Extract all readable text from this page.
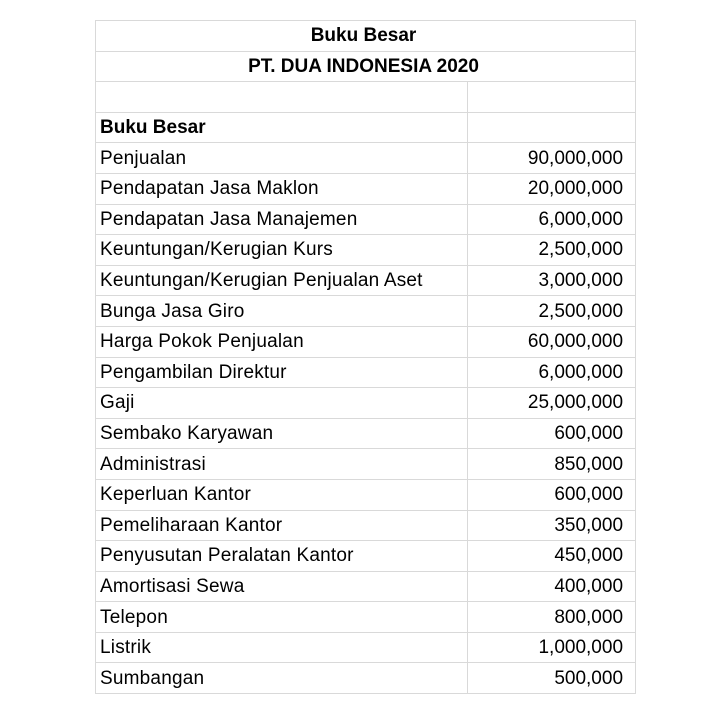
Buku Besar	
PT. DUA INDONESIA 2020	

Buku Besar	
Penjualan	90,000,000
Pendapatan Jasa Maklon	20,000,000
Pendapatan Jasa Manajemen	6,000,000
Keuntungan/Kerugian Kurs	2,500,000
Keuntungan/Kerugian Penjualan Aset	3,000,000
Bunga Jasa Giro	2,500,000
Harga Pokok Penjualan	60,000,000
Pengambilan Direktur	6,000,000
Gaji	25,000,000
Sembako Karyawan	600,000
Administrasi	850,000
Keperluan Kantor	600,000
Pemeliharaan Kantor	350,000
Penyusutan Peralatan Kantor	450,000
Amortisasi Sewa	400,000
Telepon	800,000
Listrik	1,000,000
Sumbangan	500,000
